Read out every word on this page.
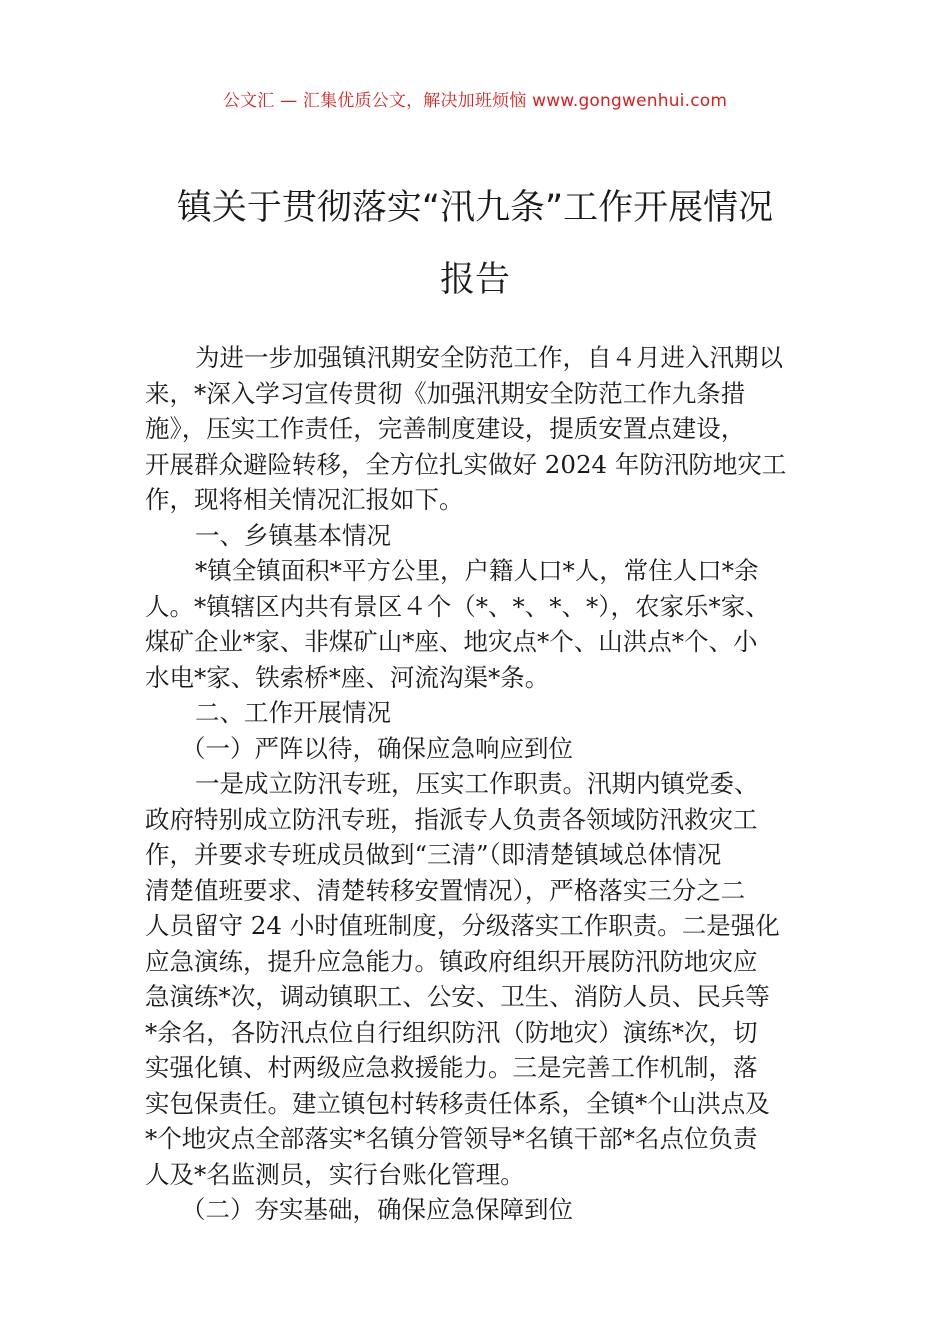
公文汇 — 汇集优质公文，解决加班烦恼 www.gongwenhui.com
镇关于贯彻落实“汛九条”工作开展情况
报告
为进一步加强镇汛期安全防范工作，自４月进入汛期以
来，*深入学习宣传贯彻《加强汛期安全防范工作九条措
施》，压实工作责任，完善制度建设，提质安置点建设，
开展群众避险转移，全方位扎实做好 2024 年防汛防地灾工
作，现将相关情况汇报如下。
一、乡镇基本情况
*镇全镇面积*平方公里，户籍人口*人，常住人口*余
人。*镇辖区内共有景区４个（*、*、*、*），农家乐*家、
煤矿企业*家、非煤矿山*座、地灾点*个、山洪点*个、小
水电*家、铁索桥*座、河流沟渠*条。
二、工作开展情况
（一）严阵以待，确保应急响应到位
一是成立防汛专班，压实工作职责。汛期内镇党委、
政府特别成立防汛专班，指派专人负责各领域防汛救灾工
作，并要求专班成员做到“三清”（即清楚镇域总体情况
清楚值班要求、清楚转移安置情况），严格落实三分之二
人员留守 24 小时值班制度，分级落实工作职责。二是强化
应急演练，提升应急能力。镇政府组织开展防汛防地灾应
急演练*次，调动镇职工、公安、卫生、消防人员、民兵等
*余名，各防汛点位自行组织防汛（防地灾）演练*次，切
实强化镇、村两级应急救援能力。三是完善工作机制，落
实包保责任。建立镇包村转移责任体系，全镇*个山洪点及
*个地灾点全部落实*名镇分管领导*名镇干部*名点位负责
人及*名监测员，实行台账化管理。
（二）夯实基础，确保应急保障到位
